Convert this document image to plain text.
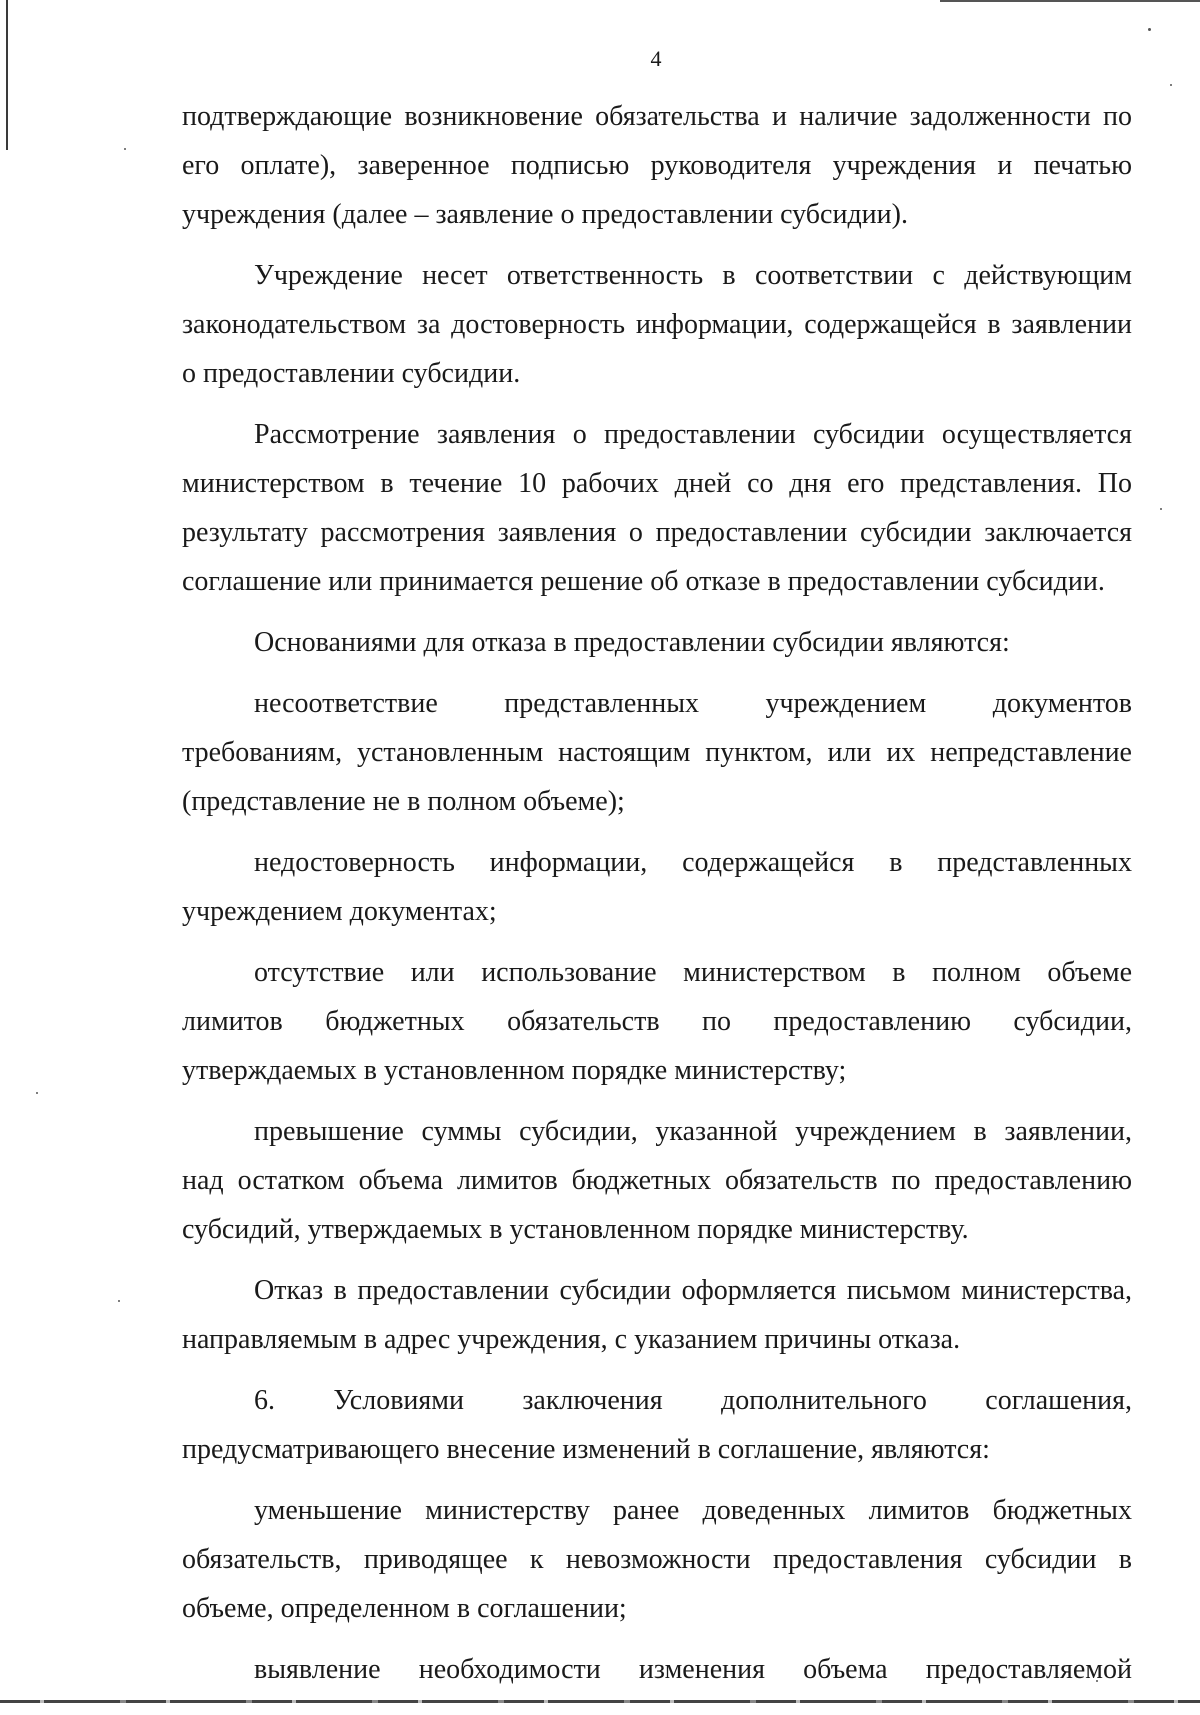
4
подтверждающие возникновение обязательства и наличие задолженности по
его оплате), заверенное подписью руководителя учреждения и печатью
учреждения (далее – заявление о предоставлении субсидии).
Учреждение несет ответственность в соответствии с действующим
законодательством за достоверность информации, содержащейся в заявлении
о предоставлении субсидии.
Рассмотрение заявления о предоставлении субсидии осуществляется
министерством в течение 10 рабочих дней со дня его представления. По
результату рассмотрения заявления о предоставлении субсидии заключается
соглашение или принимается решение об отказе в предоставлении субсидии.
Основаниями для отказа в предоставлении субсидии являются:
несоответствие представленных учреждением документов
требованиям, установленным настоящим пунктом, или их непредставление
(представление не в полном объеме);
недостоверность информации, содержащейся в представленных
учреждением документах;
отсутствие или использование министерством в полном объеме
лимитов бюджетных обязательств по предоставлению субсидии,
утверждаемых в установленном порядке министерству;
превышение суммы субсидии, указанной учреждением в заявлении,
над остатком объема лимитов бюджетных обязательств по предоставлению
субсидий, утверждаемых в установленном порядке министерству.
Отказ в предоставлении субсидии оформляется письмом министерства,
направляемым в адрес учреждения, с указанием причины отказа.
6. Условиями заключения дополнительного соглашения,
предусматривающего внесение изменений в соглашение, являются:
уменьшение министерству ранее доведенных лимитов бюджетных
обязательств, приводящее к невозможности предоставления субсидии в
объеме, определенном в соглашении;
выявление необходимости изменения объема предоставляемой
